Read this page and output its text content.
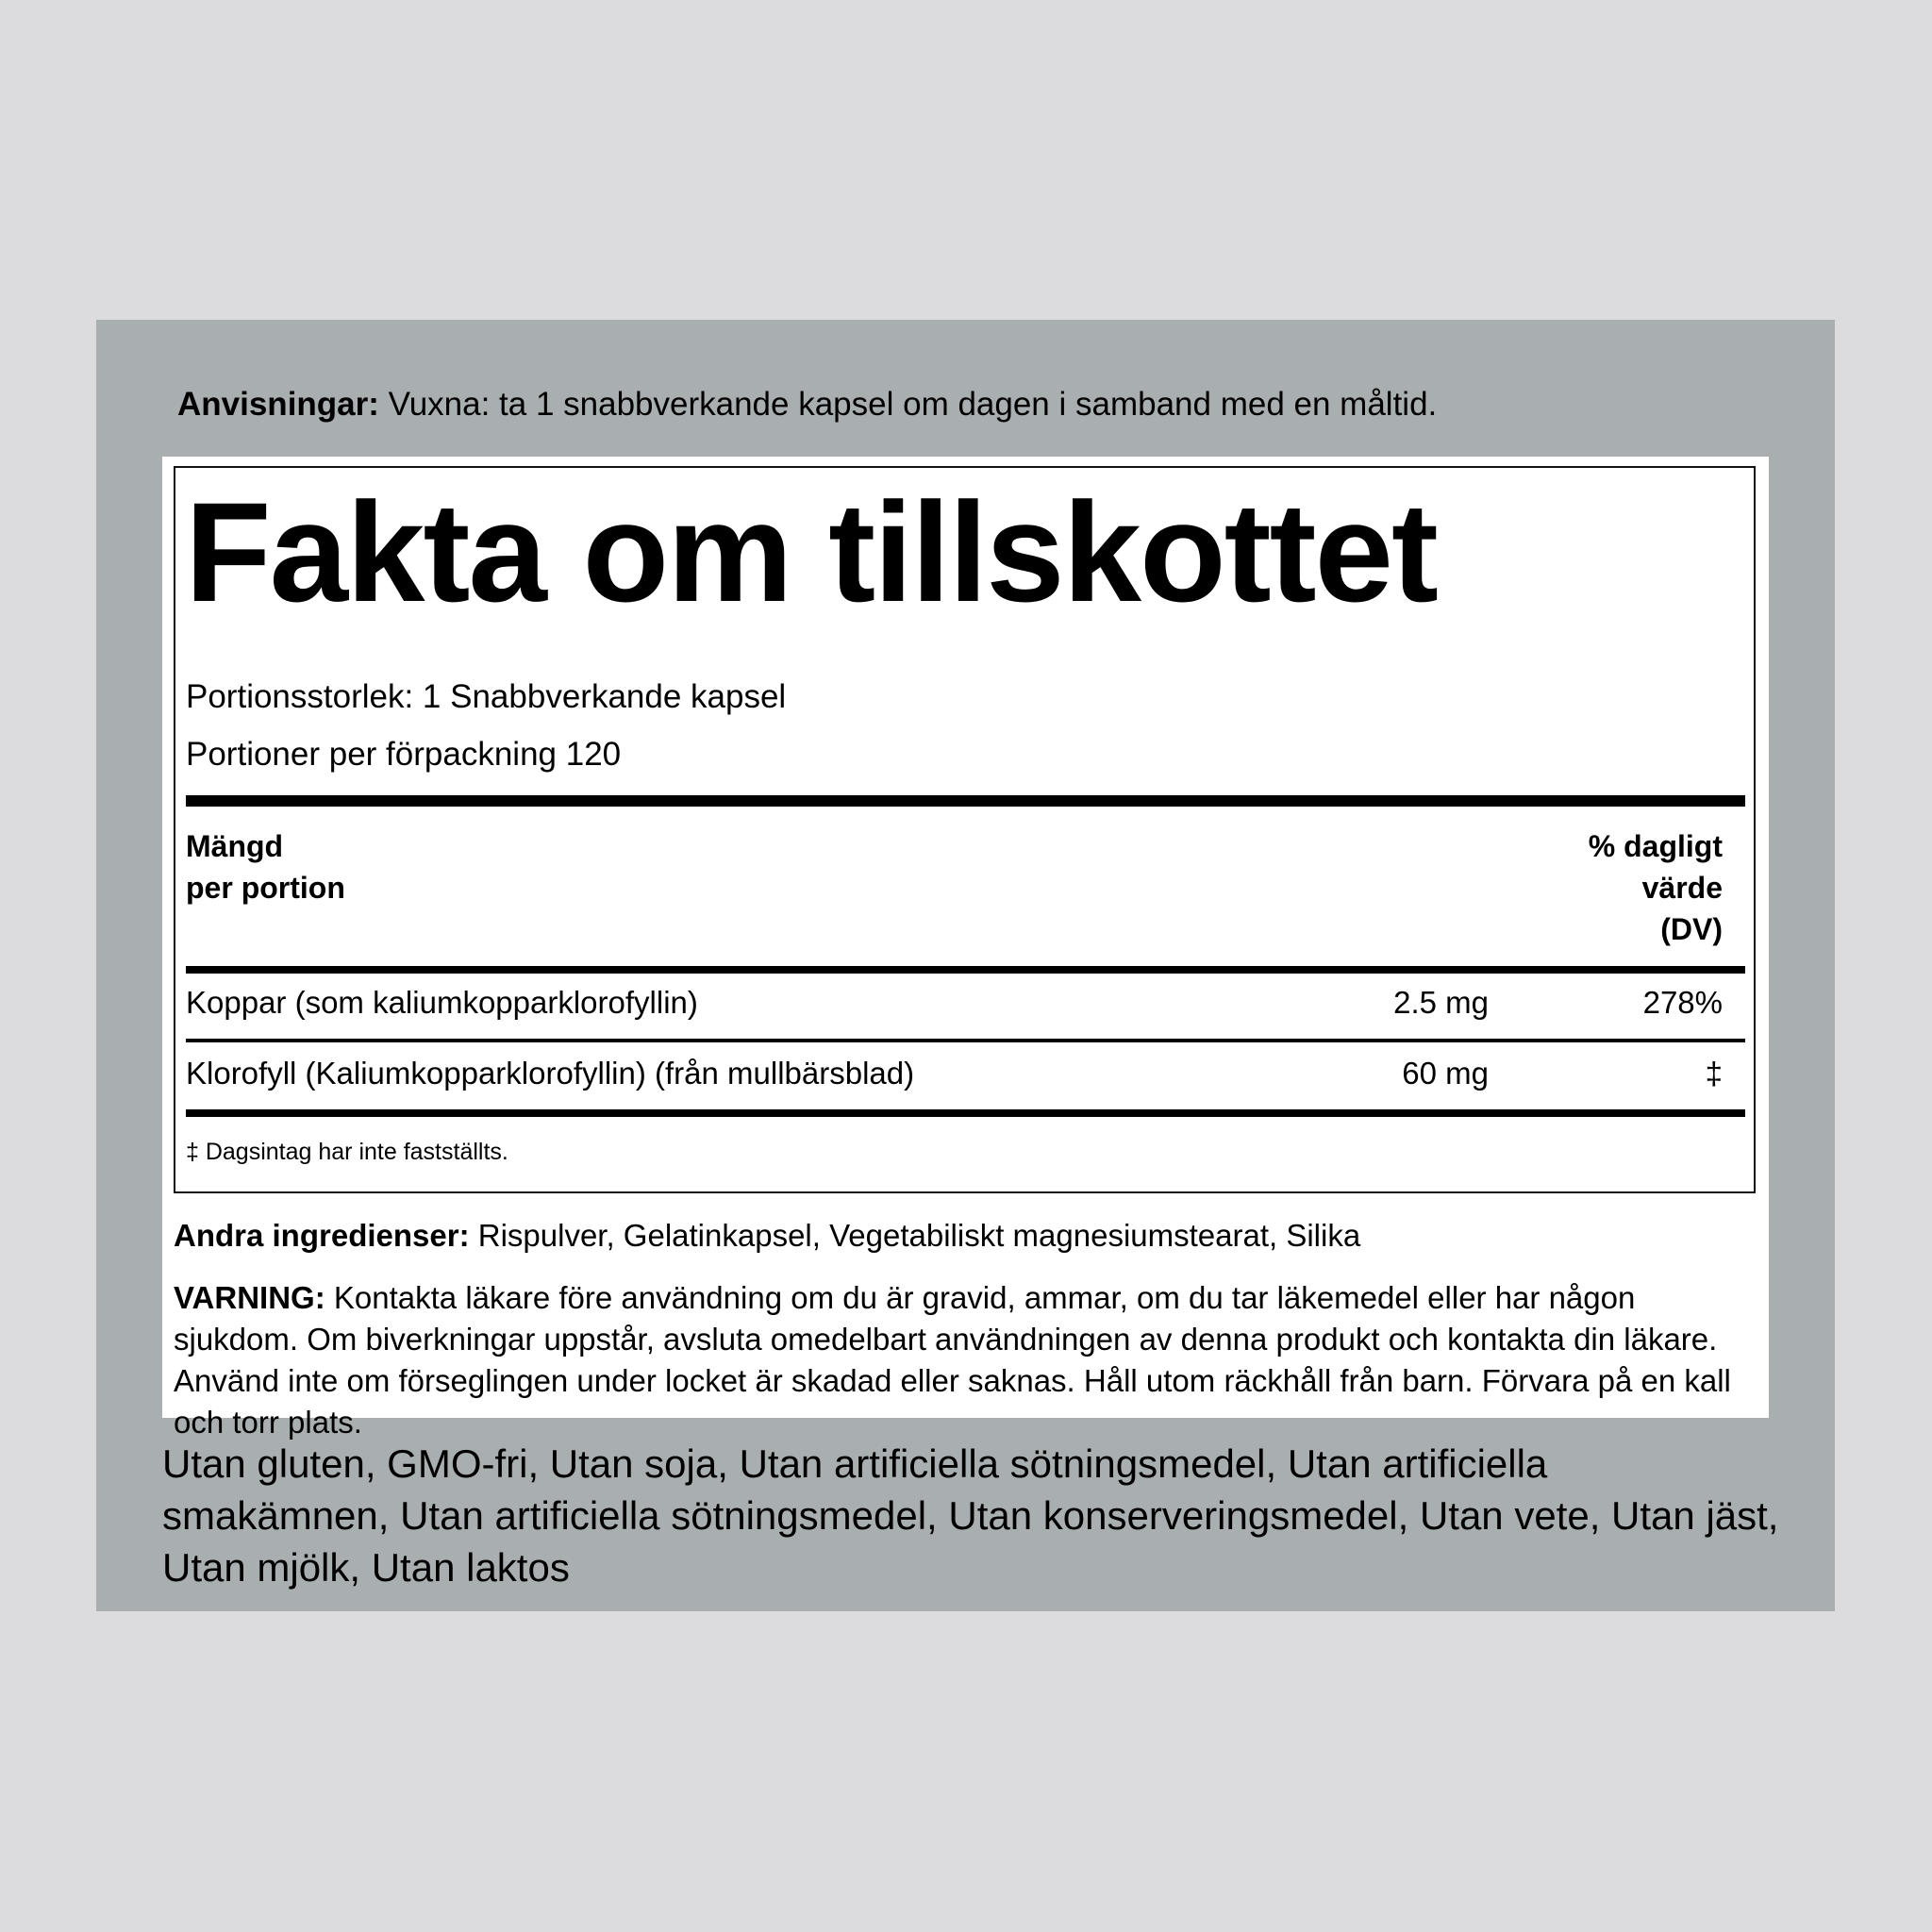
Anvisningar: Vuxna: ta 1 snabbverkande kapsel om dagen i samband med en måltid.
Fakta om tillskottet
Portionsstorlek: 1 Snabbverkande kapsel
Portioner per förpackning 120
Mängd
per portion
% dagligt
värde
(DV)
Koppar (som kaliumkopparklorofyllin)	2.5 mg	278%
Klorofyll (Kaliumkopparklorofyllin) (från mullbärsblad)	60 mg	‡
‡ Dagsintag har inte fastställts.
Andra ingredienser: Rispulver, Gelatinkapsel, Vegetabiliskt magnesiumstearat, Silika
VARNING: Kontakta läkare före användning om du är gravid, ammar, om du tar läkemedel eller har någon sjukdom. Om biverkningar uppstår, avsluta omedelbart användningen av denna produkt och kontakta din läkare. Använd inte om förseglingen under locket är skadad eller saknas. Håll utom räckhåll från barn. Förvara på en kall och torr plats.
Utan gluten, GMO-fri, Utan soja, Utan artificiella sötningsmedel, Utan artificiella smakämnen, Utan artificiella sötningsmedel, Utan konserveringsmedel, Utan vete, Utan jäst, Utan mjölk, Utan laktos
